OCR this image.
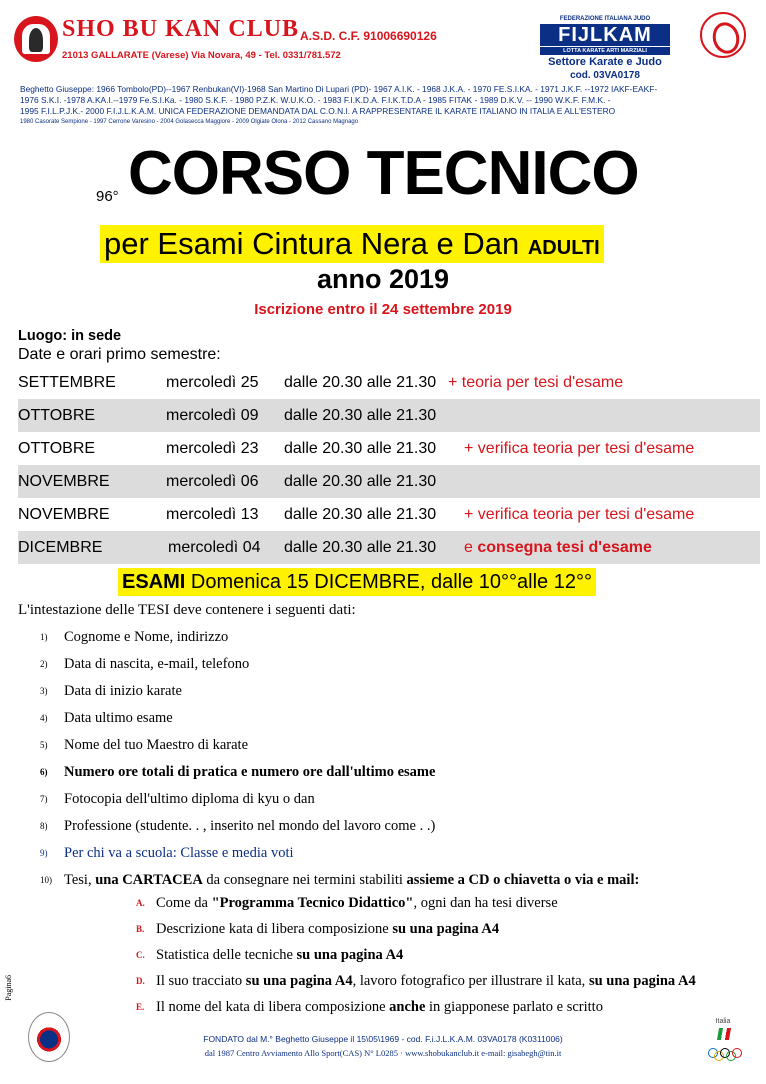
SHO BU KAN CLUB A.S.D. C.F. 91006690126
21013 GALLARATE (Varese) Via Novara, 49 - Tel. 0331/781.572
FEDERAZIONE ITALIANA JUDO
FIJLKAM
LOTTA KARATE ARTI MARZIALI
Settore Karate e Judo
cod. 03VA0178
Beghetto Giuseppe: 1966 Tombolo(PD)--1967 Renbukan(VI)-1968 San Martino Di Lupari (PD)- 1967 A.I.K. - 1968 J.K.A. - 1970 FE.S.I.KA. - 1971 J.K.F. --1972 IAKF-EAKF-
1976 S.K.I. -1978 A.KA.I.--1979 Fe.S.I.Ka. - 1980 S.K.F. - 1980 P.Z.K. W.U.K.O. - 1983 F.I.K.D.A. F.I.K.T.D.A - 1985 FITAK - 1989 D.K.V. -- 1990 W.K.F. F.M.K. -
1995 F.I.L.P.J.K.- 2000 F.I.J.L.K.A.M. UNICA FEDERAZIONE DEMANDATA DAL C.O.N.I. A RAPPRESENTARE IL KARATE ITALIANO IN ITALIA E ALL'ESTERO
1980 Casorate Sempione - 1997 Cerrone Varesino - 2004 Golasecca Maggiore - 2009 Olgiate Olona - 2012 Cassano Magnago
96° CORSO TECNICO
per Esami Cintura Nera e Dan ADULTI
anno 2019
Iscrizione entro il 24 settembre 2019
Luogo: in sede
Date e orari primo semestre:
SETTEMBRE	mercoledì 25 dalle 20.30 alle 21.30 + teoria per tesi d'esame
OTTOBRE	mercoledì 09 dalle 20.30 alle 21.30
OTTOBRE	mercoledì 23 dalle 20.30 alle 21.30 + verifica teoria per tesi d'esame
NOVEMBRE	mercoledì 06 dalle 20.30 alle 21.30
NOVEMBRE	mercoledì 13 dalle 20.30 alle 21.30 + verifica teoria per tesi d'esame
DICEMBRE	mercoledì 04 dalle 20.30 alle 21.30 e consegna tesi d'esame
ESAMI Domenica 15 DICEMBRE, dalle 10°°alle 12°°
L'intestazione delle TESI deve contenere i seguenti dati:
1) Cognome e Nome, indirizzo
2) Data di nascita, e-mail, telefono
3) Data di inizio karate
4) Data ultimo esame
5) Nome del tuo Maestro di karate
6) Numero ore totali di pratica e numero ore dall'ultimo esame
7) Fotocopia dell'ultimo diploma di kyu o dan
8) Professione (studente. . , inserito nel mondo del lavoro come . .)
9) Per chi va a scuola: Classe e media voti
10) Tesi, una CARTACEA da consegnare nei termini stabiliti assieme a CD o chiavetta o via e mail:
A. Come da "Programma Tecnico Didattico", ogni dan ha tesi diverse
B. Descrizione kata di libera composizione su una pagina A4
C. Statistica delle tecniche su una pagina A4
D. Il suo tracciato su una pagina A4, lavoro fotografico per illustrare il kata, su una pagina A4
E. Il nome del kata di libera composizione anche in giapponese parlato e scritto
Pagina6
FONDATO dal M.° Beghetto Giuseppe il 15\05\1969 - cod. F.i.J.L.K.A.M. 03VA0178 (K0311006)
dal 1987 Centro Avviamento Allo Sport(CAS) N° L0285 · www.shobukanclub.it e-mail: gisabegh@tin.it
Italia
